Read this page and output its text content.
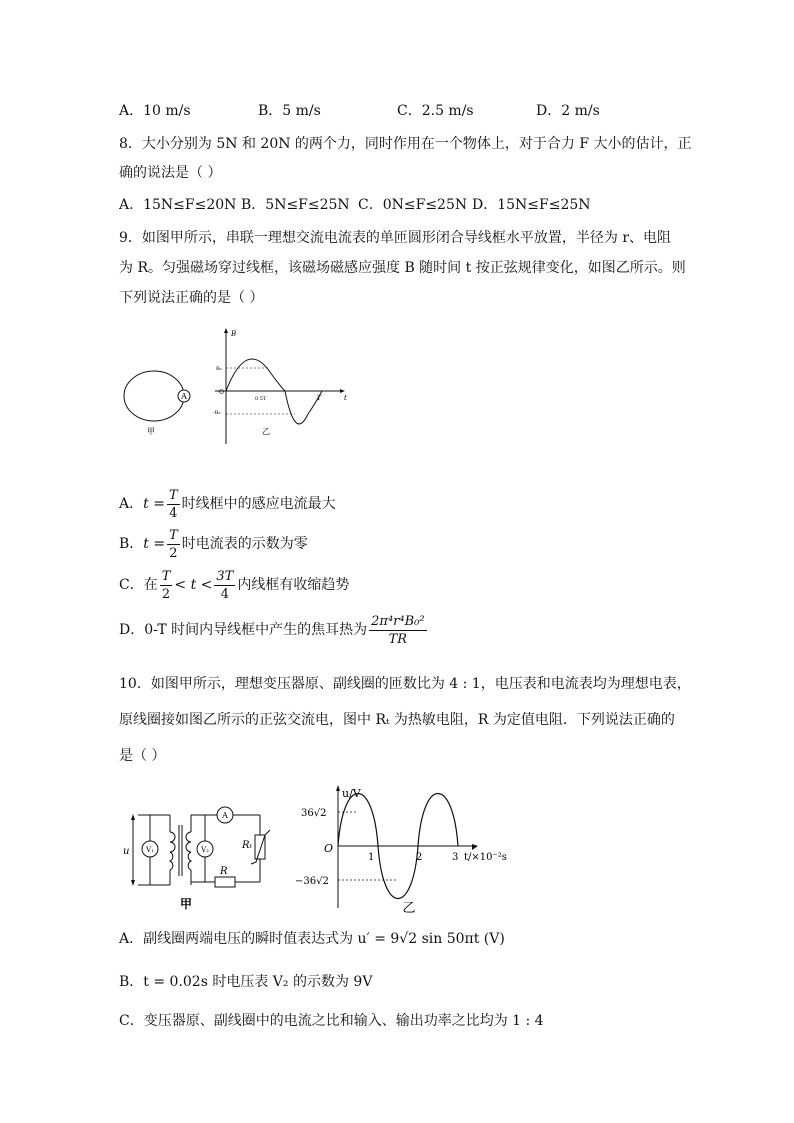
A．10 m/s	B．5 m/s	C．2.5 m/s	D．2 m/s
8．大小分别为 5N 和 20N 的两个力，同时作用在一个物体上，对于合力 F 大小的估计，正
确的说法是（ ）
A．15N≤F≤20N B．5N≤F≤25N C．0N≤F≤25N D．15N≤F≤25N
9．如图甲所示，串联一理想交流电流表的单匝圆形闭合导线框水平放置，半径为 r、电阻
为 R。匀强磁场穿过线框，该磁场磁感应强度 B 随时间 t 按正弦规律变化，如图乙所示。则
下列说法正确的是（ ）
A
甲
B
t
O
B₀
-B₀
0.5T	T
乙
A．$t = \frac{T}{4}$ 时线框中的感应电流最大
B．$t = \frac{T}{2}$ 时电流表的示数为零
C．在 $\frac{T}{2} < t < \frac{3T}{4}$ 内线框有收缩趋势
D．0-T 时间内导线框中产生的焦耳热为 $\frac{\text{2π⁴r⁴B₀²}}{TR}$
10．如图甲所示，理想变压器原、副线圈的匝数比为 4 : 1，电压表和电流表均为理想电表，
原线圈接如图乙所示的正弦交流电，图中 Rₜ 为热敏电阻，R 为定值电阻．下列说法正确的
是（ ）
u V₁
A
Rₜ
R
V₂
甲
u/V
t/×10⁻²s
O
36√2
−36√2
1	2	3
乙
A．副线圈两端电压的瞬时值表达式为 u′ = 9√2 sin 50πt (V)
B．t = 0.02s 时电压表 V₂ 的示数为 9V
C．变压器原、副线圈中的电流之比和输入、输出功率之比均为 1 : 4
